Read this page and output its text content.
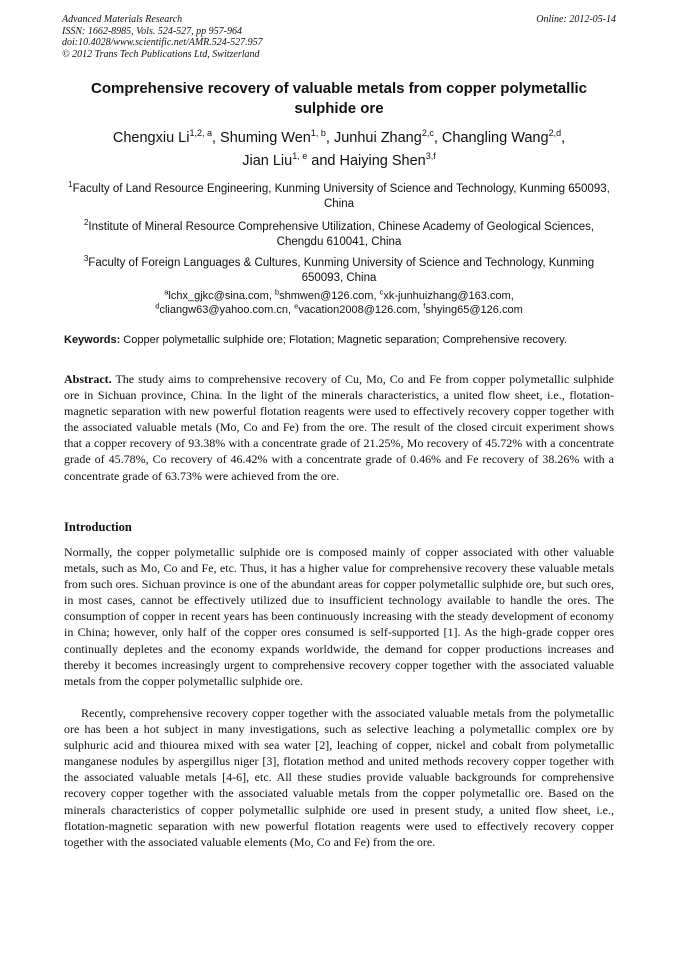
Advanced Materials Research
ISSN: 1662-8985, Vols. 524-527, pp 957-964
doi:10.4028/www.scientific.net/AMR.524-527.957
© 2012 Trans Tech Publications Ltd, Switzerland
Online: 2012-05-14
Comprehensive recovery of valuable metals from copper polymetallic sulphide ore
Chengxiu Li$^{1,2, a}$, Shuming Wen$^{1, b}$, Junhui Zhang$^{2,c}$, Changling Wang$^{2,d}$,
Jian Liu$^{1, e}$ and Haiying Shen$^{3,f}$
$^1$Faculty of Land Resource Engineering, Kunming University of Science and Technology, Kunming 650093, China
$^2$Institute of Mineral Resource Comprehensive Utilization, Chinese Academy of Geological Sciences, Chengdu 610041, China
$^3$Faculty of Foreign Languages & Cultures, Kunming University of Science and Technology, Kunming 650093, China
$^a$lchx_gjkc@sina.com, $^b$shmwen@126.com, $^c$xk-junhuizhang@163.com,
$^d$cliangw63@yahoo.com.cn, $^e$vacation2008@126.com, $^f$shying65@126.com
Keywords: Copper polymetallic sulphide ore; Flotation; Magnetic separation; Comprehensive recovery.
Abstract. The study aims to comprehensive recovery of Cu, Mo, Co and Fe from copper polymetallic sulphide ore in Sichuan province, China. In the light of the minerals characteristics, a united flow sheet, i.e., flotation-magnetic separation with new powerful flotation reagents were used to effectively recovery copper together with the associated valuable metals (Mo, Co and Fe) from the ore. The result of the closed circuit experiment shows that a copper recovery of 93.38% with a concentrate grade of 21.25%, Mo recovery of 45.72% with a concentrate grade of 45.78%, Co recovery of 46.42% with a concentrate grade of 0.46% and Fe recovery of 38.26% with a concentrate grade of 63.73% were achieved from the ore.
Introduction
Normally, the copper polymetallic sulphide ore is composed mainly of copper associated with other valuable metals, such as Mo, Co and Fe, etc. Thus, it has a higher value for comprehensive recovery these valuable metals from such ores. Sichuan province is one of the abundant areas for copper polymetallic sulphide ore, but such ores, in most cases, cannot be effectively utilized due to insufficient technology available to handle the ores. The consumption of copper in recent years has been continuously increasing with the steady development of economy in China; however, only half of the copper ores consumed is self-supported [1]. As the high-grade copper ores continually depletes and the economy expands worldwide, the demand for copper productions increases and thereby it becomes increasingly urgent to comprehensive recovery copper together with the associated valuable metals from the copper polymetallic sulphide ore.
Recently, comprehensive recovery copper together with the associated valuable metals from the polymetallic ore has been a hot subject in many investigations, such as selective leaching a polymetallic complex ore by sulphuric acid and thiourea mixed with sea water [2], leaching of copper, nickel and cobalt from polymetallic manganese nodules by aspergillus niger [3], flotation method and united methods recovery copper together with the associated valuable metals [4-6], etc. All these studies provide valuable backgrounds for comprehensive recovery copper together with the associated valuable metals from the copper polymetallic ore. Based on the minerals characteristics of copper polymetallic sulphide ore used in present study, a united flow sheet, i.e., flotation-magnetic separation with new powerful flotation reagents were used to effectively recovery copper together with the associated valuable elements (Mo, Co and Fe) from the ore.
